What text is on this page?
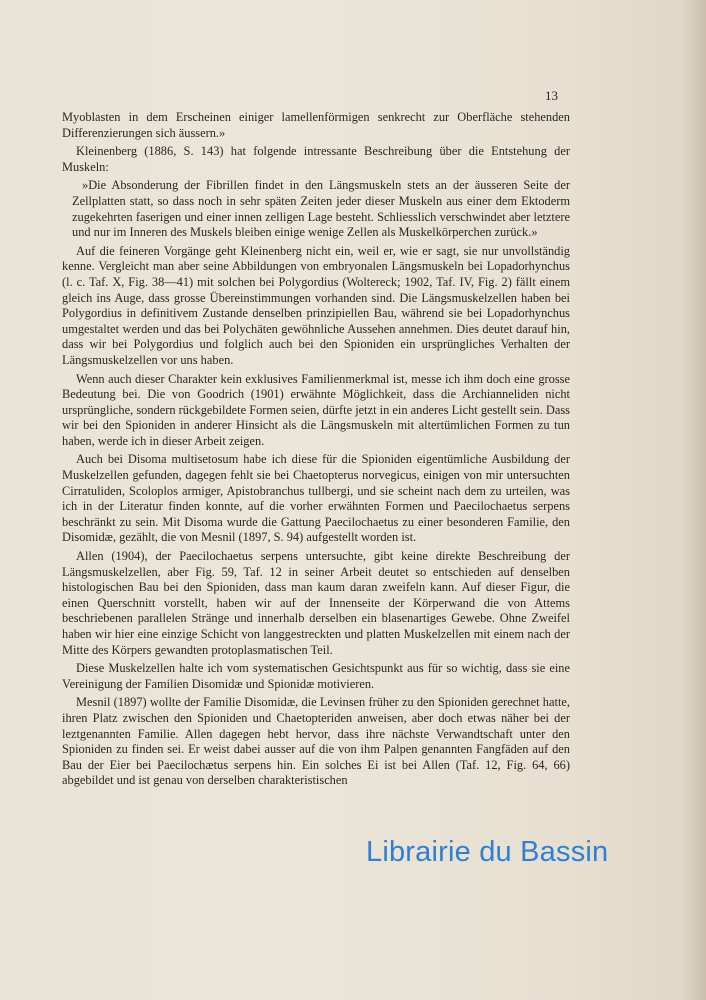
13

Myoblasten in dem Erscheinen einiger lamellenförmigen senkrecht zur Oberfläche stehenden Differenzierungen sich äussern.»

Kleinenberg (1886, S. 143) hat folgende intressante Beschreibung über die Entstehung der Muskeln:

»Die Absonderung der Fibrillen findet in den Längsmuskeln stets an der äusseren Seite der Zellplatten statt, so dass noch in sehr späten Zeiten jeder dieser Muskeln aus einer dem Ektoderm zugekehrten faserigen und einer innen zelligen Lage besteht. Schliesslich verschwindet aber letztere und nur im Inneren des Muskels bleiben einige wenige Zellen als Muskelkörperchen zurück.»

Auf die feineren Vorgänge geht Kleinenberg nicht ein, weil er, wie er sagt, sie nur unvollständig kenne. Vergleicht man aber seine Abbildungen von embryonalen Längsmuskeln bei Lopadorhynchus (l. c. Taf. X, Fig. 38—41) mit solchen bei Polygordius (Woltereck; 1902, Taf. IV, Fig. 2) fällt einem gleich ins Auge, dass grosse Übereinstimmungen vorhanden sind. Die Längsmuskelzellen haben bei Polygordius in definitivem Zustande denselben prinzipiellen Bau, während sie bei Lopadorhynchus umgestaltet werden und das bei Polychäten gewöhnliche Aussehen annehmen. Dies deutet darauf hin, dass wir bei Polygordius und folglich auch bei den Spioniden ein ursprüngliches Verhalten der Längsmuskelzellen vor uns haben.

Wenn auch dieser Charakter kein exklusives Familienmerkmal ist, messe ich ihm doch eine grosse Bedeutung bei. Die von Goodrich (1901) erwähnte Möglichkeit, dass die Archianneliden nicht ursprüngliche, sondern rückgebildete Formen seien, dürfte jetzt in ein anderes Licht gestellt sein. Dass wir bei den Spioniden in anderer Hinsicht als die Längsmuskeln mit altertümlichen Formen zu tun haben, werde ich in dieser Arbeit zeigen.

Auch bei Disoma multisetosum habe ich diese für die Spioniden eigentümliche Ausbildung der Muskelzellen gefunden, dagegen fehlt sie bei Chaetopterus norvegicus, einigen von mir untersuchten Cirratuliden, Scoloplos armiger, Apistobranchus tullbergi, und sie scheint nach dem zu urteilen, was ich in der Literatur finden konnte, auf die vorher erwähnten Formen und Paecilochaetus serpens beschränkt zu sein. Mit Disoma wurde die Gattung Paecilochaetus zu einer besonderen Familie, den Disomidæ, gezählt, die von Mesnil (1897, S. 94) aufgestellt worden ist.

Allen (1904), der Paecilochaetus serpens untersuchte, gibt keine direkte Beschreibung der Längsmuskelzellen, aber Fig. 59, Taf. 12 in seiner Arbeit deutet so entschieden auf denselben histologischen Bau bei den Spioniden, dass man kaum daran zweifeln kann. Auf dieser Figur, die einen Querschnitt vorstellt, haben wir auf der Innenseite der Körperwand die von Attems beschriebenen parallelen Stränge und innerhalb derselben ein blasenartiges Gewebe. Ohne Zweifel haben wir hier eine einzige Schicht von langgestreckten und platten Muskelzellen mit einem nach der Mitte des Körpers gewandten protoplasmatischen Teil.

Diese Muskelzellen halte ich vom systematischen Gesichtspunkt aus für so wichtig, dass sie eine Vereinigung der Familien Disomidæ und Spionidæ motivieren.

Mesnil (1897) wollte der Familie Disomidæ, die Levinsen früher zu den Spioniden gerechnet hatte, ihren Platz zwischen den Spioniden und Chaetopteriden anweisen, aber doch etwas näher bei der leztgenannten Familie. Allen dagegen hebt hervor, dass ihre nächste Verwandtschaft unter den Spioniden zu finden sei. Er weist dabei ausser auf die von ihm Palpen genannten Fangfäden auf den Bau der Eier bei Paecilochætus serpens hin. Ein solches Ei ist bei Allen (Taf. 12, Fig. 64, 66) abgebildet und ist genau von derselben charakteristischen

Librairie du Bassin
